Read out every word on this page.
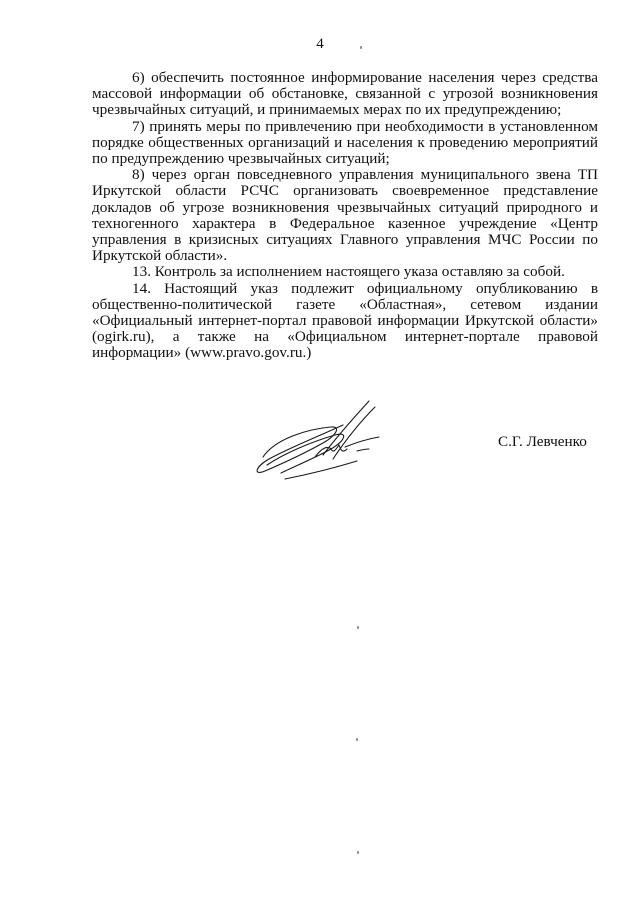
4

6) обеспечить постоянное информирование населения через средства массовой информации об обстановке, связанной с угрозой возникновения чрезвычайных ситуаций, и принимаемых мерах по их предупреждению;

7) принять меры по привлечению при необходимости в установленном порядке общественных организаций и населения к проведению мероприятий по предупреждению чрезвычайных ситуаций;

8) через орган повседневного управления муниципального звена ТП Иркутской области РСЧС организовать своевременное представление докладов об угрозе возникновения чрезвычайных ситуаций природного и техногенного характера в Федеральное казенное учреждение «Центр управления в кризисных ситуациях Главного управления МЧС России по Иркутской области».

13. Контроль за исполнением настоящего указа оставляю за собой.

14. Настоящий указ подлежит официальному опубликованию в общественно-политической газете «Областная», сетевом издании «Официальный интернет-портал правовой информации Иркутской области» (ogirk.ru), а также на «Официальном интернет-портале правовой информации» (www.pravo.gov.ru.)

С.Г. Левченко
